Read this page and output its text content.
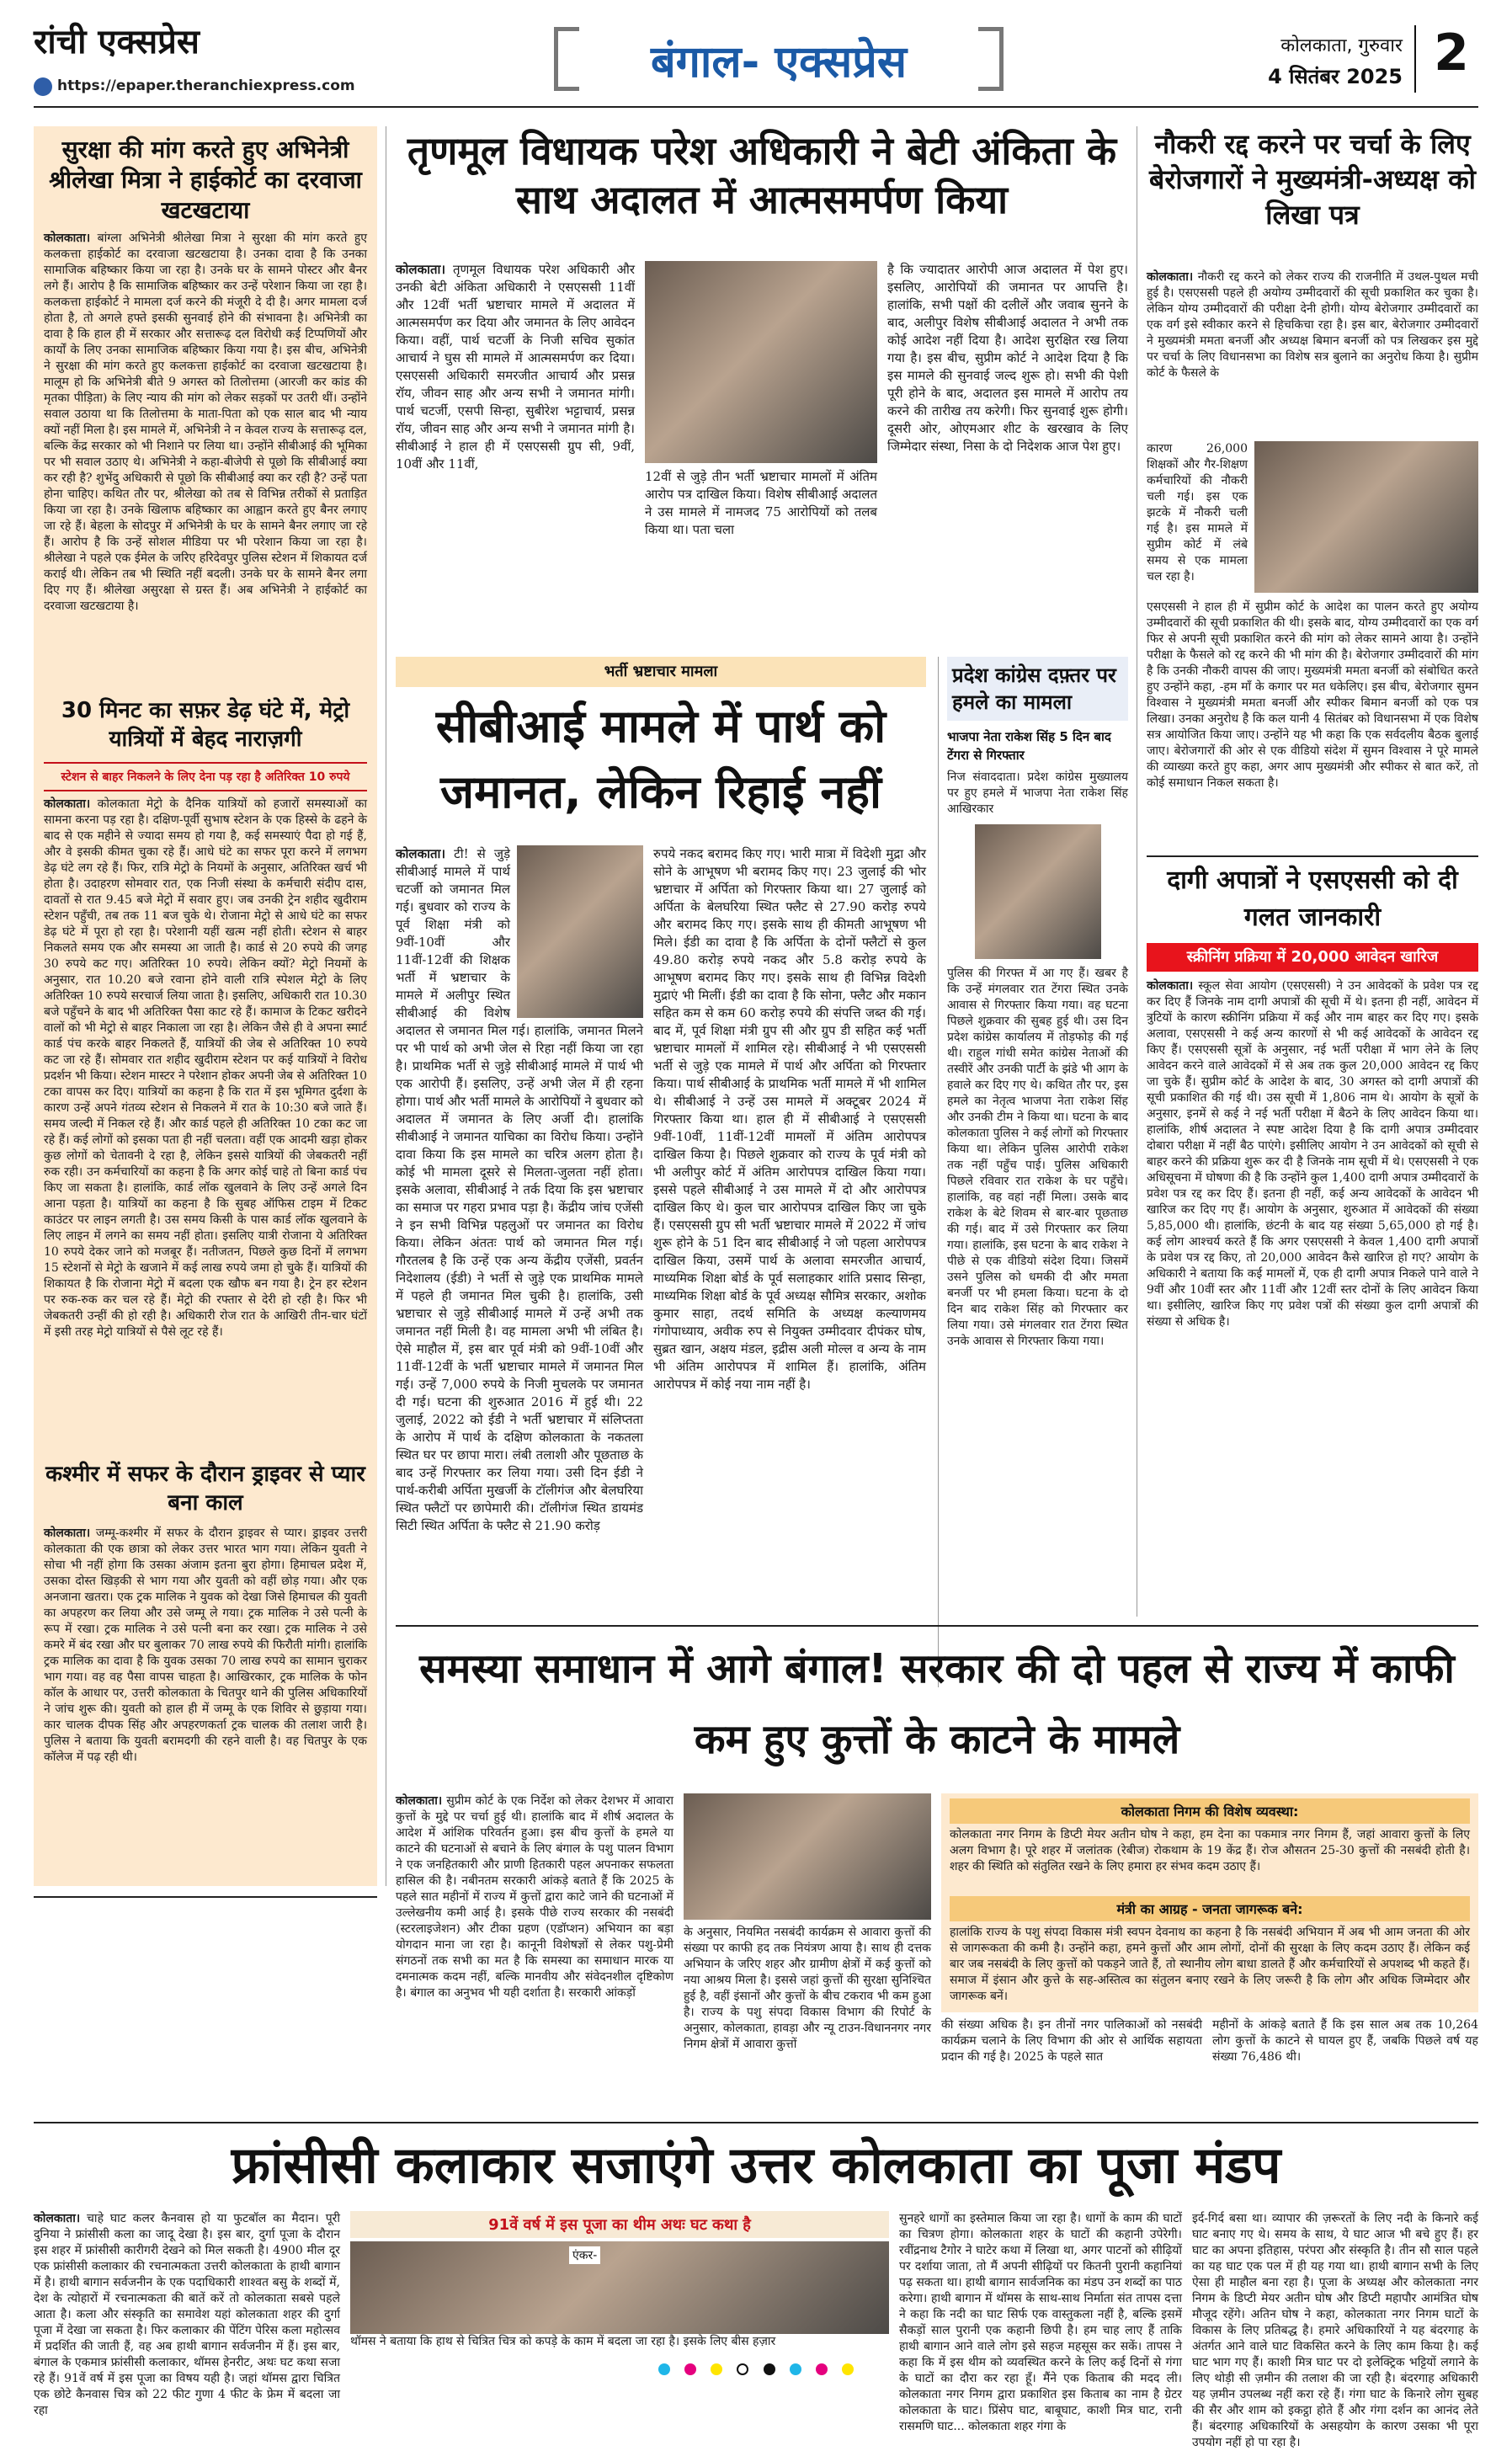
रांची एक्सप्रेस
https://epaper.theranchiexpress.com	बंगाल- एक्सप्रेस	कोलकाता, गुरुवार
4 सितंबर 2025 2
सुरक्षा की मांग करते हुए अभिनेत्री श्रीलेखा मित्रा ने हाईकोर्ट का दरवाजा खटखटाया

कोलकाता। बांग्ला अभिनेत्री श्रीलेखा मित्रा ने सुरक्षा की मांग करते हुए कलकत्ता हाईकोर्ट का दरवाजा खटखटाया है। उनका दावा है कि उनका सामाजिक बहिष्कार किया जा रहा है। उनके घर के सामने पोस्टर और बैनर लगे हैं। आरोप है कि सामाजिक बहिष्कार कर उन्हें परेशान किया जा रहा है। कलकत्ता हाईकोर्ट ने मामला दर्ज करने की मंजूरी दे दी है। अगर मामला दर्ज होता है, तो अगले हफ्ते इसकी सुनवाई होने की संभावना है। अभिनेत्री का दावा है कि हाल ही में सरकार और सत्तारूढ़ दल विरोधी कई टिप्पणियों और कार्यों के लिए उनका सामाजिक बहिष्कार किया गया है। इस बीच, अभिनेत्री ने सुरक्षा की मांग करते हुए कलकत्ता हाईकोर्ट का दरवाजा खटखटाया है। मालूम हो कि अभिनेत्री बीते 9 अगस्त को तिलोत्तमा (आरजी कर कांड की मृतका पीड़िता) के लिए न्याय की मांग को लेकर सड़कों पर उतरी थीं। उन्होंने सवाल उठाया था कि तिलोत्तमा के माता-पिता को एक साल बाद भी न्याय क्यों नहीं मिला है। इस मामले में, अभिनेत्री ने न केवल राज्य के सत्तारूढ़ दल, बल्कि केंद्र सरकार को भी निशाने पर लिया था। उन्होंने सीबीआई की भूमिका पर भी सवाल उठाए थे। अभिनेत्री ने कहा-बीजेपी से पूछो कि सीबीआई क्या कर रही है? शुभेंदु अधिकारी से पूछो कि सीबीआई क्या कर रही है? उन्हें पता होना चाहिए। कथित तौर पर, श्रीलेखा को तब से विभिन्न तरीकों से प्रताड़ित किया जा रहा है। उनके खिलाफ बहिष्कार का आह्वान करते हुए बैनर लगाए जा रहे हैं। बेहला के सोदपुर में अभिनेत्री के घर के सामने बैनर लगाए जा रहे हैं। आरोप है कि उन्हें सोशल मीडिया पर भी परेशान किया जा रहा है। श्रीलेखा ने पहले एक ईमेल के जरिए हरिदेवपुर पुलिस स्टेशन में शिकायत दर्ज कराई थी। लेकिन तब भी स्थिति नहीं बदली। उनके घर के सामने बैनर लगा दिए गए हैं। श्रीलेखा असुरक्षा से ग्रस्त हैं। अब अभिनेत्री ने हाईकोर्ट का दरवाजा खटखटाया है।

30 मिनट का सफ़र डेढ़ घंटे में, मेट्रो यात्रियों में बेहद नाराज़गी
स्टेशन से बाहर निकलने के लिए देना पड़ रहा है अतिरिक्त 10 रुपये

कोलकाता। कोलकाता मेट्रो के दैनिक यात्रियों को हजारों समस्याओं का सामना करना पड़ रहा है। दक्षिण-पूर्वी सुभाष स्टेशन के एक हिस्से के ढहने के बाद से एक महीने से ज्यादा समय हो गया है, कई समस्याएं पैदा हो गई हैं, और वे इसकी कीमत चुका रहे हैं। आधे घंटे का सफर पूरा करने में लगभग डेढ़ घंटे लग रहे हैं। फिर, रात्रि मेट्रो के नियमों के अनुसार, अतिरिक्त खर्च भी होता है। उदाहरण सोमवार रात, एक निजी संस्था के कर्मचारी संदीप दास, दावतों से रात 9.45 बजे मेट्रो में सवार हुए। जब उनकी ट्रेन शहीद खुदीराम स्टेशन पहुँची, तब तक 11 बज चुके थे। रोजाना मेट्रो से आधे घंटे का सफर डेढ़ घंटे में पूरा हो रहा है। परेशानी यहीं खत्म नहीं होती। स्टेशन से बाहर निकलते समय एक और समस्या आ जाती है। कार्ड से 20 रुपये की जगह 30 रुपये कट गए। अतिरिक्त 10 रुपये। लेकिन क्यों? मेट्रो नियमों के अनुसार, रात 10.20 बजे रवाना होने वाली रात्रि स्पेशल मेट्रो के लिए अतिरिक्त 10 रुपये सरचार्ज लिया जाता है। इसलिए, अधिकारी रात 10.30 बजे पहुँचने के बाद भी अतिरिक्त पैसा काट रहे हैं। कामाज के टिकट खरीदने वालों को भी मेट्रो से बाहर निकाला जा रहा है। लेकिन जैसे ही वे अपना स्मार्ट कार्ड पंच करके बाहर निकलते हैं, यात्रियों की जेब से अतिरिक्त 10 रुपये कट जा रहे हैं। सोमवार रात शहीद खुदीराम स्टेशन पर कई यात्रियों ने विरोध प्रदर्शन भी किया। स्टेशन मास्टर ने परेशान होकर अपनी जेब से अतिरिक्त 10 टका वापस कर दिए। यात्रियों का कहना है कि रात में इस भूमिगत दुर्दशा के कारण उन्हें अपने गंतव्य स्टेशन से निकलने में रात के 10:30 बजे जाते हैं। समय जल्दी में निकल रहे हैं। और कार्ड पहले ही अतिरिक्त 10 टका कट जा रहे हैं। कई लोगों को इसका पता ही नहीं चलता। वहीं एक आदमी खड़ा होकर कुछ लोगों को चेतावनी दे रहा है, लेकिन इससे यात्रियों की जेबकतरी नहीं रुक रही। उन कर्मचारियों का कहना है कि अगर कोई चाहे तो बिना कार्ड पंच किए जा सकता है। हालांकि, कार्ड लॉक खुलवाने के लिए उन्हें अगले दिन आना पड़ता है। यात्रियों का कहना है कि सुबह ऑफिस टाइम में टिकट काउंटर पर लाइन लगती है। उस समय किसी के पास कार्ड लॉक खुलवाने के लिए लाइन में लगने का समय नहीं होता। इसलिए यात्री रोजाना ये अतिरिक्त 10 रुपये देकर जाने को मजबूर हैं। नतीजतन, पिछले कुछ दिनों में लगभग 15 स्टेशनों से मेट्रो के खजाने में कई लाख रुपये जमा हो चुके हैं। यात्रियों की शिकायत है कि रोजाना मेट्रो में बदला एक खौफ बन गया है। ट्रेन हर स्टेशन पर रुक-रुक कर चल रहे हैं। मेट्रो की रफ्तार से देरी हो रही है। फिर भी जेबकतरी उन्हीं की हो रही है। अधिकारी रोज रात के आखिरी तीन-चार घंटों में इसी तरह मेट्रो यात्रियों से पैसे लूट रहे हैं।

कश्मीर में सफर के दौरान ड्राइवर से प्यार बना काल

कोलकाता। जम्मू-कश्मीर में सफर के दौरान ड्राइवर से प्यार। ड्राइवर उत्तरी कोलकाता की एक छात्रा को लेकर उत्तर भारत भाग गया। लेकिन युवती ने सोचा भी नहीं होगा कि उसका अंजाम इतना बुरा होगा। हिमाचल प्रदेश में, उसका दोस्त खिड़की से भाग गया और युवती को वहीं छोड़ गया। और एक अनजाना खतरा। एक ट्रक मालिक ने युवक को देखा जिसे हिमाचल की युवती का अपहरण कर लिया और उसे जम्मू ले गया। ट्रक मालिक ने उसे पत्नी के रूप में रखा। ट्रक मालिक ने उसे पत्नी बना कर रखा। ट्रक मालिक ने उसे कमरे में बंद रखा और घर बुलाकर 70 लाख रुपये की फिरौती मांगी। हालांकि ट्रक मालिक का दावा है कि युवक उसका 70 लाख रुपये का सामान चुराकर भाग गया। वह वह पैसा वापस चाहता है। आखिरकार, ट्रक मालिक के फोन कॉल के आधार पर, उत्तरी कोलकाता के चितपुर थाने की पुलिस अधिकारियों ने जांच शुरू की। युवती को हाल ही में जम्मू के एक शिविर से छुड़ाया गया। कार चालक दीपक सिंह और अपहरणकर्ता ट्रक चालक की तलाश जारी है। पुलिस ने बताया कि युवती बरामदगी की रहने वाली है। वह चितपुर के एक कॉलेज में पढ़ रही थी।

तृणमूल विधायक परेश अधिकारी ने बेटी अंकिता के साथ अदालत में आत्मसमर्पण किया

कोलकाता। तृणमूल विधायक परेश अधिकारी और उनकी बेटी अंकिता अधिकारी ने एसएससी 11वीं और 12वीं भर्ती भ्रष्टाचार मामले में अदालत में आत्मसमर्पण कर दिया और जमानत के लिए आवेदन किया। वहीं, पार्थ चटर्जी के निजी सचिव सुकांत आचार्य ने घुस सी मामले में आत्मसमर्पण कर दिया। एसएससी अधिकारी समरजीत आचार्य और प्रसन्न रॉय, जीवन साह और अन्य सभी ने जमानत मांगी। पार्थ चटर्जी, एसपी सिन्हा, सुबीरेश भट्टाचार्य, प्रसन्न रॉय, जीवन साह और अन्य सभी ने जमानत मांगी है। सीबीआई ने हाल ही में एसएससी ग्रुप सी, 9वीं, 10वीं और 11वीं,

12वीं से जुड़े तीन भर्ती भ्रष्टाचार मामलों में अंतिम आरोप पत्र दाखिल किया। विशेष सीबीआई अदालत ने उस मामले में नामजद 75 आरोपियों को तलब किया था। पता चला

है कि ज्यादातर आरोपी आज अदालत में पेश हुए। इसलिए, आरोपियों की जमानत पर आपत्ति है। हालांकि, सभी पक्षों की दलीलें और जवाब सुनने के बाद, अलीपुर विशेष सीबीआई अदालत ने अभी तक कोई आदेश नहीं दिया है। आदेश सुरक्षित रख लिया गया है। इस बीच, सुप्रीम कोर्ट ने आदेश दिया है कि इस मामले की सुनवाई जल्द शुरू हो। सभी की पेशी पूरी होने के बाद, अदालत इस मामले में आरोप तय करने की तारीख तय करेगी। फिर सुनवाई शुरू होगी। दूसरी ओर, ओएमआर शीट के खरखाव के लिए जिम्मेदार संस्था, निसा के दो निदेशक आज पेश हुए।

भर्ती भ्रष्टाचार मामला
सीबीआई मामले में पार्थ को जमानत, लेकिन रिहाई नहीं

कोलकाता। टी! से जुड़े सीबीआई मामले में पार्थ चटर्जी को जमानत मिल गई। बुधवार को राज्य के पूर्व शिक्षा मंत्री को 9वीं-10वीं और 11वीं-12वीं की शिक्षक भर्ती में भ्रष्टाचार के मामले में अलीपुर स्थित सीबीआई की विशेष अदालत से जमानत मिल गई। हालांकि, जमानत मिलने पर भी पार्थ को अभी जेल से रिहा नहीं किया जा रहा है। प्राथमिक भर्ती से जुड़े सीबीआई मामले में पार्थ भी एक आरोपी हैं। इसलिए, उन्हें अभी जेल में ही रहना होगा। पार्थ और भर्ती मामले के आरोपियों ने बुधवार को अदालत में जमानत के लिए अर्जी दी। हालांकि सीबीआई ने जमानत याचिका का विरोध किया। उन्होंने दावा किया कि इस मामले का चरित्र अलग होता है। कोई भी मामला दूसरे से मिलता-जुलता नहीं होता। इसके अलावा, सीबीआई ने तर्क दिया कि इस भ्रष्टाचार का समाज पर गहरा प्रभाव पड़ा है। केंद्रीय जांच एजेंसी ने इन सभी विभिन्न पहलुओं पर जमानत का विरोध किया। लेकिन अंततः पार्थ को जमानत मिल गई। गौरतलब है कि उन्हें एक अन्य केंद्रीय एजेंसी, प्रवर्तन निदेशालय (ईडी) ने भर्ती से जुड़े एक प्राथमिक मामले में पहले ही जमानत मिल चुकी है। हालांकि, उसी भ्रष्टाचार से जुड़े सीबीआई मामले में उन्हें अभी तक जमानत नहीं मिली है। वह मामला अभी भी लंबित है। ऐसे माहौल में, इस बार पूर्व मंत्री को 9वीं-10वीं और 11वीं-12वीं के भर्ती भ्रष्टाचार मामले में जमानत मिल गई। उन्हें 7,000 रुपये के निजी मुचलके पर जमानत दी गई। घटना की शुरुआत 2016 में हुई थी। 22 जुलाई, 2022 को ईडी ने भर्ती भ्रष्टाचार में संलिप्तता के आरोप में पार्थ के दक्षिण कोलकाता के नकतला स्थित घर पर छापा मारा। लंबी तलाशी और पूछताछ के बाद उन्हें गिरफ्तार कर लिया गया। उसी दिन ईडी ने पार्थ-करीबी अर्पिता मुखर्जी के टॉलीगंज और बेलघरिया स्थित फ्लैटों पर छापेमारी की। टॉलीगंज स्थित डायमंड सिटी स्थित अर्पिता के फ्लैट से 21.90 करोड़

रुपये नकद बरामद किए गए। भारी मात्रा में विदेशी मुद्रा और सोने के आभूषण भी बरामद किए गए। 23 जुलाई की भोर भ्रष्टाचार में अर्पिता को गिरफ्तार किया था। 27 जुलाई को अर्पिता के बेलघरिया स्थित फ्लैट से 27.90 करोड़ रुपये और बरामद किए गए। इसके साथ ही कीमती आभूषण भी मिले। ईडी का दावा है कि अर्पिता के दोनों फ्लैटों से कुल 49.80 करोड़ रुपये नकद और 5.8 करोड़ रुपये के आभूषण बरामद किए गए। इसके साथ ही विभिन्न विदेशी मुद्राएं भी मिलीं। ईडी का दावा है कि सोना, फ्लैट और मकान सहित कम से कम 60 करोड़ रुपये की संपत्ति जब्त की गई। बाद में, पूर्व शिक्षा मंत्री ग्रुप सी और ग्रुप डी सहित कई भर्ती भ्रष्टाचार मामलों में शामिल रहे। सीबीआई ने भी एसएससी भर्ती से जुड़े एक मामले में पार्थ और अर्पिता को गिरफ्तार किया। पार्थ सीबीआई के प्राथमिक भर्ती मामले में भी शामिल थे। सीबीआई ने उन्हें उस मामले में अक्टूबर 2024 में गिरफ्तार किया था। हाल ही में सीबीआई ने एसएससी 9वीं-10वीं, 11वीं-12वीं मामलों में अंतिम आरोपपत्र दाखिल किया है। पिछले शुक्रवार को राज्य के पूर्व मंत्री को भी अलीपुर कोर्ट में अंतिम आरोपपत्र दाखिल किया गया। इससे पहले सीबीआई ने उस मामले में दो और आरोपपत्र दाखिल किए थे। कुल चार आरोपपत्र दाखिल किए जा चुके हैं। एसएससी ग्रुप सी भर्ती भ्रष्टाचार मामले में 2022 में जांच शुरू होने के 51 दिन बाद सीबीआई ने जो पहला आरोपपत्र दाखिल किया, उसमें पार्थ के अलावा समरजीत आचार्य, माध्यमिक शिक्षा बोर्ड के पूर्व सलाहकार शांति प्रसाद सिन्हा, माध्यमिक शिक्षा बोर्ड के पूर्व अध्यक्ष सौमित्र सरकार, अशोक कुमार साहा, तदर्थ समिति के अध्यक्ष कल्याणमय गंगोपाध्याय, अवीक रुप से नियुक्त उम्मीदवार दीपंकर घोष, सुब्रत खान, अक्षय मंडल, इद्रीस अली मोल्ल व अन्य के नाम भी अंतिम आरोपपत्र में शामिल हैं। हालांकि, अंतिम आरोपपत्र में कोई नया नाम नहीं है।

प्रदेश कांग्रेस दफ़्तर पर हमले का मामला
भाजपा नेता राकेश सिंह 5 दिन बाद टेंगरा से गिरफ्तार

निज संवाददाता। प्रदेश कांग्रेस मुख्यालय पर हुए हमले में भाजपा नेता राकेश सिंह आखिरकार

पुलिस की गिरफ्त में आ गए हैं। खबर है कि उन्हें मंगलवार रात टेंगरा स्थित उनके आवास से गिरफ्तार किया गया। वह घटना पिछले शुक्रवार की सुबह हुई थी। उस दिन प्रदेश कांग्रेस कार्यालय में तोड़फोड़ की गई थी। राहुल गांधी समेत कांग्रेस नेताओं की तस्वीरें और उनकी पार्टी के झंडे भी आग के हवाले कर दिए गए थे। कथित तौर पर, इस हमले का नेतृत्व भाजपा नेता राकेश सिंह और उनकी टीम ने किया था। घटना के बाद कोलकाता पुलिस ने कई लोगों को गिरफ्तार किया था। लेकिन पुलिस आरोपी राकेश तक नहीं पहुँच पाई। पुलिस अधिकारी पिछले रविवार रात राकेश के घर पहुँचे। हालांकि, वह वहां नहीं मिला। उसके बाद राकेश के बेटे शिवम से बार-बार पूछताछ की गई। बाद में उसे गिरफ्तार कर लिया गया। हालांकि, इस घटना के बाद राकेश ने पीछे से एक वीडियो संदेश दिया। जिसमें उसने पुलिस को धमकी दी और ममता बनर्जी पर भी हमला किया। घटना के दो दिन बाद राकेश सिंह को गिरफ्तार कर लिया गया। उसे मंगलवार रात टेंगरा स्थित उनके आवास से गिरफ्तार किया गया।

नौकरी रद्द करने पर चर्चा के लिए बेरोजगारों ने मुख्यमंत्री-अध्यक्ष को लिखा पत्र

कोलकाता। नौकरी रद्द करने को लेकर राज्य की राजनीति में उथल-पुथल मची हुई है। एसएससी पहले ही अयोग्य उम्मीदवारों की सूची प्रकाशित कर चुका है। लेकिन योग्य उम्मीदवारों की परीक्षा देनी होगी। योग्य बेरोजगार उम्मीदवारों का एक वर्ग इसे स्वीकार करने से हिचकिचा रहा है। इस बार, बेरोजगार उम्मीदवारों ने मुख्यमंत्री ममता बनर्जी और अध्यक्ष बिमान बनर्जी को पत्र लिखकर इस मुद्दे पर चर्चा के लिए विधानसभा का विशेष सत्र बुलाने का अनुरोध किया है। सुप्रीम कोर्ट के फैसले के

कारण 26,000 शिक्षकों और गैर-शिक्षण कर्मचारियों की नौकरी चली गई। इस एक झटके में नौकरी चली गई है। इस मामले में सुप्रीम कोर्ट में लंबे समय से एक मामला चल रहा है।

एसएससी ने हाल ही में सुप्रीम कोर्ट के आदेश का पालन करते हुए अयोग्य उम्मीदवारों की सूची प्रकाशित की थी। इसके बाद, योग्य उम्मीदवारों का एक वर्ग फिर से अपनी सूची प्रकाशित करने की मांग को लेकर सामने आया है। उन्होंने परीक्षा के फैसले को रद्द करने की भी मांग की है। बेरोजगार उम्मीदवारों की मांग है कि उनकी नौकरी वापस की जाए। मुख्यमंत्री ममता बनर्जी को संबोधित करते हुए उन्होंने कहा, -हम माँ के कगार पर मत धकेलिए। इस बीच, बेरोजगार सुमन विश्वास ने मुख्यमंत्री ममता बनर्जी और स्पीकर बिमान बनर्जी को एक पत्र लिखा। उनका अनुरोध है कि कल यानी 4 सितंबर को विधानसभा में एक विशेष सत्र आयोजित किया जाए। उन्होंने यह भी कहा कि एक सर्वदलीय बैठक बुलाई जाए। बेरोजगारों की ओर से एक वीडियो संदेश में सुमन विश्वास ने पूरे मामले की व्याख्या करते हुए कहा, अगर आप मुख्यमंत्री और स्पीकर से बात करें, तो कोई समाधान निकल सकता है।

दागी अपात्रों ने एसएससी को दी गलत जानकारी
स्क्रीनिंग प्रक्रिया में 20,000 आवेदन खारिज

कोलकाता। स्कूल सेवा आयोग (एसएससी) ने उन आवेदकों के प्रवेश पत्र रद्द कर दिए हैं जिनके नाम दागी अपात्रों की सूची में थे। इतना ही नहीं, आवेदन में त्रुटियों के कारण स्क्रीनिंग प्रक्रिया में कई और नाम बाहर कर दिए गए। इसके अलावा, एसएससी ने कई अन्य कारणों से भी कई आवेदकों के आवेदन रद्द किए हैं। एसएससी सूत्रों के अनुसार, नई भर्ती परीक्षा में भाग लेने के लिए आवेदन करने वाले आवेदकों में से अब तक कुल 20,000 आवेदन रद्द किए जा चुके हैं। सुप्रीम कोर्ट के आदेश के बाद, 30 अगस्त को दागी अपात्रों की सूची प्रकाशित की गई थी। उस सूची में 1,806 नाम थे। आयोग के सूत्रों के अनुसार, इनमें से कई ने नई भर्ती परीक्षा में बैठने के लिए आवेदन किया था। हालांकि, शीर्ष अदालत ने स्पष्ट आदेश दिया है कि दागी अपात्र उम्मीदवार दोबारा परीक्षा में नहीं बैठ पाएंगे। इसीलिए आयोग ने उन आवेदकों को सूची से बाहर करने की प्रक्रिया शुरू कर दी है जिनके नाम सूची में थे। एसएससी ने एक अधिसूचना में घोषणा की है कि उन्होंने कुल 1,400 दागी अपात्र उम्मीदवारों के प्रवेश पत्र रद्द कर दिए हैं। इतना ही नहीं, कई अन्य आवेदकों के आवेदन भी खारिज कर दिए गए हैं। आयोग के अनुसार, शुरुआत में आवेदकों की संख्या 5,85,000 थी। हालांकि, छंटनी के बाद यह संख्या 5,65,000 हो गई है। कई लोग आश्चर्य करते हैं कि अगर एसएससी ने केवल 1,400 दागी अपात्रों के प्रवेश पत्र रद्द किए, तो 20,000 आवेदन कैसे खारिज हो गए? आयोग के अधिकारी ने बताया कि कई मामलों में, एक ही दागी अपात्र निकले पाने वाले ने 9वीं और 10वीं स्तर और 11वीं और 12वीं स्तर दोनों के लिए आवेदन किया था। इसीलिए, खारिज किए गए प्रवेश पत्रों की संख्या कुल दागी अपात्रों की संख्या से अधिक है।

समस्या समाधान में आगे बंगाल! सरकार की दो पहल से राज्य में काफी कम हुए कुत्तों के काटने के मामले

कोलकाता। सुप्रीम कोर्ट के एक निर्देश को लेकर देशभर में आवारा कुत्तों के मुद्दे पर चर्चा हुई थी। हालांकि बाद में शीर्ष अदालत के आदेश में आंशिक परिवर्तन हुआ। इस बीच कुत्तों के हमले या काटने की घटनाओं से बचाने के लिए बंगाल के पशु पालन विभाग ने एक जनहितकारी और प्राणी हितकारी पहल अपनाकर सफलता हासिल की है। नबीनतम सरकारी आंकड़े बताते हैं कि 2025 के पहले सात महीनों में राज्य में कुत्तों द्वारा काटे जाने की घटनाओं में उल्लेखनीय कमी आई है। इसके पीछे राज्य सरकार की नसबंदी (स्टरलाइजेशन) और टीका ग्रहण (एडॉप्शन) अभियान का बड़ा योगदान माना जा रहा है। कानूनी विशेषज्ञों से लेकर पशु-प्रेमी संगठनों तक सभी का मत है कि समस्या का समाधान मारक या दमनात्मक कदम नहीं, बल्कि मानवीय और संवेदनशील दृष्टिकोण है। बंगाल का अनुभव भी यही दर्शाता है। सरकारी आंकड़ों

के अनुसार, नियमित नसबंदी कार्यक्रम से आवारा कुत्तों की संख्या पर काफी हद तक नियंत्रण आया है। साथ ही दत्तक अभियान के जरिए शहर और ग्रामीण क्षेत्रों में कई कुत्तों को नया आश्रय मिला है। इससे जहां कुत्तों की सुरक्षा सुनिश्चित हुई है, वहीं इंसानों और कुत्तों के बीच टकराव भी कम हुआ है। राज्य के पशु संपदा विकास विभाग की रिपोर्ट के अनुसार, कोलकाता, हावड़ा और न्यू टाउन-विधाननगर नगर निगम क्षेत्रों में आवारा कुत्तों

कोलकाता निगम की विशेष व्यवस्था:

कोलकाता नगर निगम के डिप्टी मेयर अतीन घोष ने कहा, हम देना का पकमात्र नगर निगम हैं, जहां आवारा कुत्तों के लिए अलग विभाग है। पूरे शहर में जलांतक (रेबीज) रोकथाम के 19 केंद्र हैं। रोज औसतन 25-30 कुत्तों की नसबंदी होती है। शहर की स्थिति को संतुलित रखने के लिए हमारा हर संभव कदम उठाए हैं।

मंत्री का आग्रह - जनता जागरूक बने:

हालांकि राज्य के पशु संपदा विकास मंत्री स्वपन देवनाथ का कहना है कि नसबंदी अभियान में अब भी आम जनता की ओर से जागरूकता की कमी है। उन्होंने कहा, हमने कुत्तों और आम लोगों, दोनों की सुरक्षा के लिए कदम उठाए हैं। लेकिन कई बार जब नसबंदी के लिए कुत्तों को पकड़ने जाते हैं, तो स्थानीय लोग बाधा डालते हैं और कर्मचारियों से अपशब्द भी कहते हैं। समाज में इंसान और कुत्ते के सह-अस्तित्व का संतुलन बनाए रखने के लिए जरूरी है कि लोग और अधिक जिम्मेदार और जागरूक बनें।

की संख्या अधिक है। इन तीनों नगर पालिकाओं को नसबंदी कार्यक्रम चलाने के लिए विभाग की ओर से आर्थिक सहायता प्रदान की गई है। 2025 के पहले सात

महीनों के आंकड़े बताते हैं कि इस साल अब तक 10,264 लोग कुत्तों के काटने से घायल हुए हैं, जबकि पिछले वर्ष यह संख्या 76,486 थी।

फ्रांसीसी कलाकार सजाएंगे उत्तर कोलकाता का पूजा मंडप

कोलकाता। चाहे घाट कलर कैनवास हो या फुटबॉल का मैदान। पूरी दुनिया ने फ्रांसीसी कला का जादू देखा है। इस बार, दुर्गा पूजा के दौरान इस शहर में फ्रांसीसी कारीगरी देखने को मिल सकती है। 4900 मील दूर एक फ्रांसीसी कलाकार की रचनात्मकता उत्तरी कोलकाता के हाथी बागान में है। हाथी बागान सर्वजनीन के एक पदाधिकारी शाश्वत बसु के शब्दों में, देश के त्योहारों में रचनात्मकता की बातें करें तो कोलकाता सबसे पहले आता है। कला और संस्कृति का समावेश यहां कोलकाता शहर की दुर्गा पूजा में देखा जा सकता है। फिर कलाकार की पेंटिंग पेरिस कला महोत्सव में प्रदर्शित की जाती हैं, वह अब हाथी बागान सर्वजनीन में हैं। इस बार, बंगाल के एकमात्र फ्रांसीसी कलाकार, थॉमस हेनरीट, अथः घट कथा सजा रहे हैं। 91वें वर्ष में इस पूजा का विषय यही है। जहां थॉमस द्वारा चित्रित एक छोटे कैनवास चित्र को 22 फीट गुणा 4 फीट के फ्रेम में बदला जा रहा

91वें वर्ष में इस पूजा का थीम अथः घट कथा है
एंकर-

थॉमस ने बताया कि हाथ से चित्रित चित्र को कपड़े के काम में बदला जा रहा है। इसके लिए बीस हज़ार

सुनहरे धागों का इस्तेमाल किया जा रहा है। धागों के काम की घाटों का चित्रण होगा। कोलकाता शहर के घाटों की कहानी उपेरेगी। रवींद्रनाथ टैगोर ने घाटेर कथा में लिखा था, अगर पाटनों को सीढ़ियों पर दर्शाया जाता, तो मैं अपनी सीढ़ियों पर कितनी पुरानी कहानियां पढ़ सकता था। हाथी बागान सार्वजनिक का मंडप उन शब्दों का पाठ करेगा। हाथी बागान में थॉमस के साथ-साथ निर्माता संत तापस दत्ता ने कहा कि नदी का घाट सिर्फ एक वास्तुकला नहीं है, बल्कि इसमें सैकड़ों साल पुरानी एक कहानी छिपी है। हम चाह लाए हैं ताकि हाथी बागान आने वाले लोग इसे सहज महसूस कर सकें। तापस ने कहा कि में इस थीम को व्यवस्थित करने के लिए कई दिनों से गंगा के घाटों का दौरा कर रहा हूँ। मैंने एक किताब की मदद ली। कोलकाता नगर निगम द्वारा प्रकाशित इस किताब का नाम है ग्रेटर कोलकाता के घाट। प्रिंसेप घाट, बाबूघाट, काशी मित्र घाट, रानी रासमणि घाट... कोलकाता शहर गंगा के

इर्द-गिर्द बसा था। व्यापार की ज़रूरतों के लिए नदी के किनारे कई घाट बनाए गए थे। समय के साथ, ये घाट आज भी बचे हुए हैं। हर घाट का अपना इतिहास, परंपरा और संस्कृति है। तीन सौ साल पहले का यह घाट एक पल में ही यह गया था। हाथी बागान सभी के लिए ऐसा ही माहौल बना रहा है। पूजा के अध्यक्ष और कोलकाता नगर निगम के डिप्टी मेयर अतीन घोष और डिप्टी महापौर आमंत्रित घोष मौजूद रहेंगे। अतिन घोष ने कहा, कोलकाता नगर निगम घाटों के विकास के लिए प्रतिबद्ध है। हमारे अधिकारियों ने यह बंदरगाह के अंतर्गत आने वाले घाट विकसित करने के लिए काम किया है। कई घाट भाग गए हैं। काशी मित्र घाट पर दो इलेक्ट्रिक भट्टियों लगाने के लिए थोड़ी सी ज़मीन की तलाश की जा रही है। बंदरगाह अधिकारी यह ज़मीन उपलब्ध नहीं करा रहे हैं। गंगा घाट के किनारे लोग सुबह की सैर और शाम को इकट्ठा होते हैं और गंगा दर्शन का आनंद लेते हैं। बंदरगाह अधिकारियों के असहयोग के कारण उसका भी पूरा उपयोग नहीं हो पा रहा है।
